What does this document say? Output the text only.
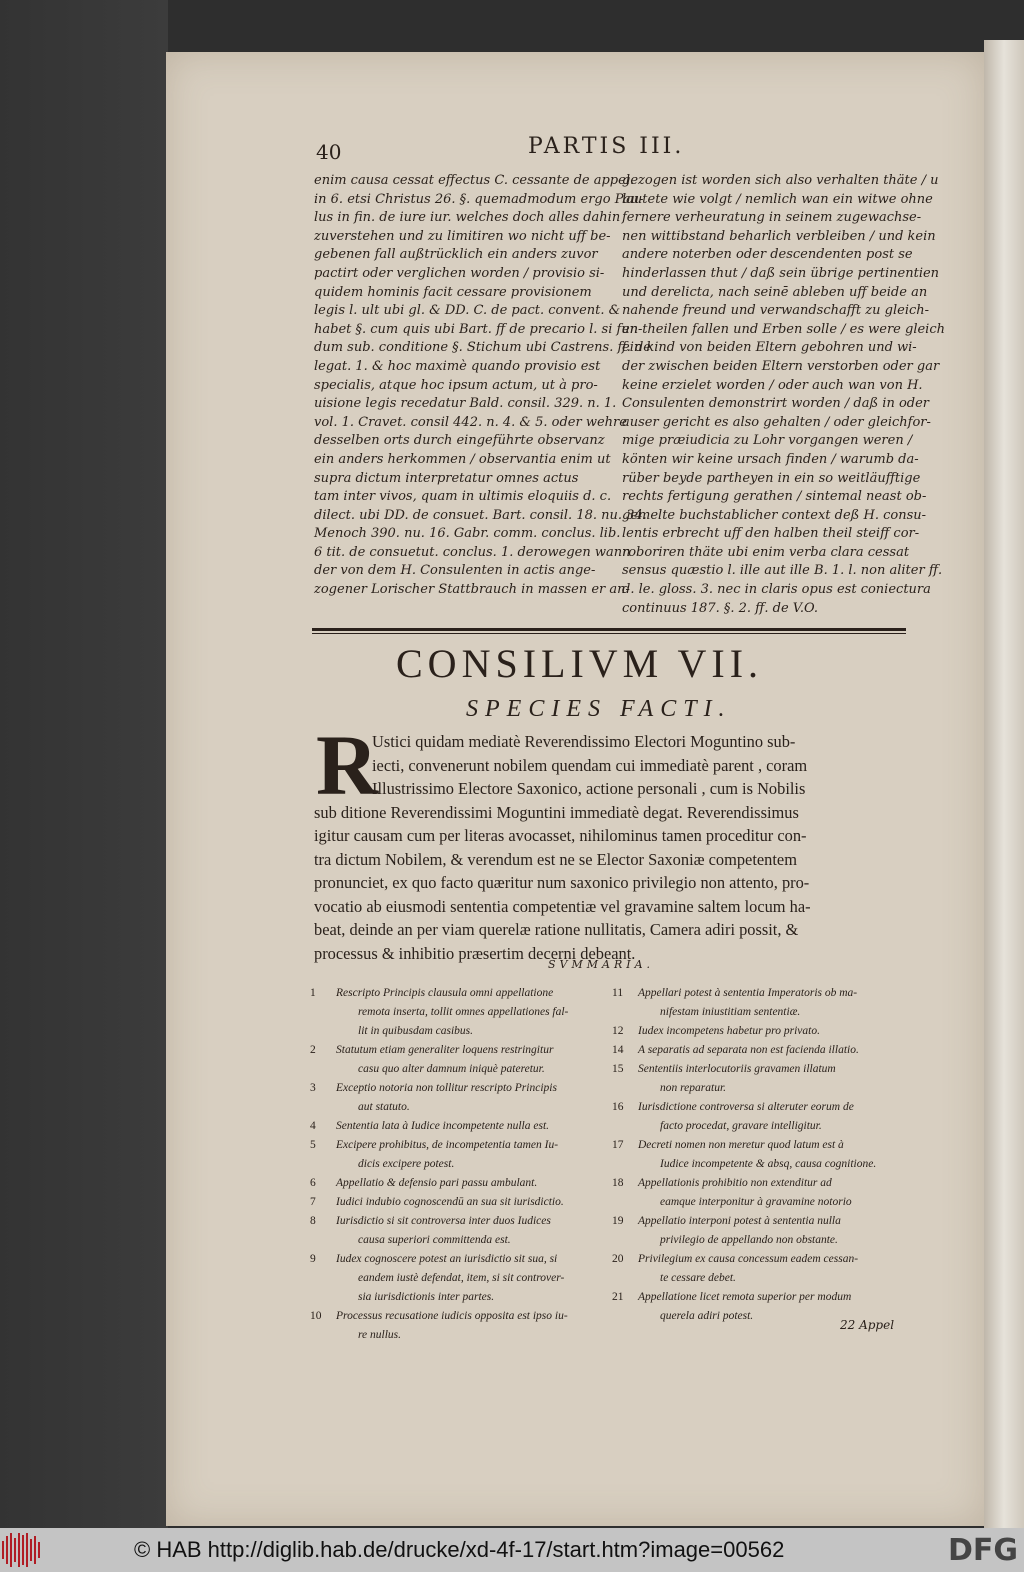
40	PARTIS III.
enim causa cessat effectus C. cessante de appel.
in 6. etsi Christus 26. §. quemadmodum ergo Pau-
lus in fin. de iure iur. welches doch alles dahin
zuverstehen und zu limitiren wo nicht uff be-
gebenen fall außtrücklich ein anders zuvor
pactirt oder verglichen worden / provisio si-
quidem hominis facit cessare provisionem
legis l. ult ubi gl. & DD. C. de pact. convent. &
habet §. cum quis ubi Bart. ff de precario l. si fun-
dum sub. conditione §. Stichum ubi Castrens. ff. de
legat. 1. & hoc maximè quando provisio est
specialis, atque hoc ipsum actum, ut à pro-
uisione legis recedatur Bald. consil. 329. n. 1.
vol. 1. Cravet. consil 442. n. 4. & 5. oder wehre
desselben orts durch eingeführte observanz
ein anders herkommen / observantia enim ut
supra dictum interpretatur omnes actus
tam inter vivos, quam in ultimis eloquiis d. c.
dilect. ubi DD. de consuet. Bart. consil. 18. nu. 34.
Menoch 390. nu. 16. Gabr. comm. conclus. lib.
6 tit. de consuetut. conclus. 1. derowegen wann
der von dem H. Consulenten in actis ange-
zogener Lorischer Stattbrauch in massen er an-
gezogen ist worden sich also verhalten thäte / u
lautete wie volgt / nemlich wan ein witwe ohne
fernere verheuratung in seinem zugewachse-
nen wittibstand beharlich verbleiben / und kein
andere noterben oder descendenten post se
hinderlassen thut / daß sein übrige pertinentien
und derelicta, nach seinē ableben uff beide an
nahende freund und verwandschafft zu gleich-
en theilen fallen und Erben solle / es were gleich
ein kind von beiden Eltern gebohren und wi-
der zwischen beiden Eltern verstorben oder gar
keine erzielet worden / oder auch wan von H.
Consulenten demonstrirt worden / daß in oder
auser gericht es also gehalten / oder gleichfor-
mige præiudicia zu Lohr vorgangen weren /
könten wir keine ursach finden / warumb da-
rüber beyde partheyen in ein so weitläufftige
rechts fertigung gerathen / sintemal neast ob-
gemelte buchstablicher context deß H. consu-
lentis erbrecht uff den halben theil steiff cor-
roboriren thäte ubi enim verba clara cessat
sensus quæstio l. ille aut ille B. 1. l. non aliter ff.
d. le. gloss. 3. nec in claris opus est coniectura
continuus 187. §. 2. ff. de V.O.
CONSILIVM VII.
SPECIES FACTI.
R
Ustici quidam mediatè Reverendissimo Electori Moguntino sub-
iecti, convenerunt nobilem quendam cui immediatè parent , coram
Illustrissimo Electore Saxonico, actione personali , cum is Nobilis
sub ditione Reverendissimi Moguntini immediatè degat. Reverendissimus
igitur causam cum per literas avocasset, nihilominus tamen proceditur con-
tra dictum Nobilem, & verendum est ne se Elector Saxoniæ competentem
pronunciet, ex quo facto quæritur num saxonico privilegio non attento, pro-
vocatio ab eiusmodi sententia competentiæ vel gravamine saltem locum ha-
beat, deinde an per viam querelæ ratione nullitatis, Camera adiri possit, &
processus & inhibitio præsertim decerni debeant.
SVMMARIA.
1	Rescripto Principis clausula omni appellatione
remota inserta, tollit omnes appellationes fal-
lit in quibusdam casibus.
2	Statutum etiam generaliter loquens restringitur
casu quo alter damnum iniquè pateretur.
3	Exceptio notoria non tollitur rescripto Principis
aut statuto.
4	Sententia lata à Iudice incompetente nulla est.
5	Excipere prohibitus, de incompetentia tamen Iu-
dicis excipere potest.
6	Appellatio & defensio pari passu ambulant.
7	Iudici indubio cognoscendū an sua sit iurisdictio.
8	Iurisdictio si sit controversa inter duos Iudices
causa superiori committenda est.
9	Iudex cognoscere potest an iurisdictio sit sua, si
eandem iustè defendat, item, si sit controver-
sia iurisdictionis inter partes.
10	Processus recusatione iudicis opposita est ipso iu-
re nullus.
11	Appellari potest à sententia Imperatoris ob ma-
nifestam iniustitiam sententiæ.
12	Iudex incompetens habetur pro privato.
14	A separatis ad separata non est facienda illatio.
15	Sententiis interlocutoriis gravamen illatum
non reparatur.
16	Iurisdictione controversa si alteruter eorum de
facto procedat, gravare intelligitur.
17	Decreti nomen non meretur quod latum est à
Iudice incompetente & absq, causa cognitione.
18	Appellationis prohibitio non extenditur ad
eamque interponitur à gravamine notorio
19	Appellatio interponi potest à sententia nulla
privilegio de appellando non obstante.
20	Privilegium ex causa concessum eadem cessan-
te cessare debet.
21	Appellatione licet remota superior per modum
querela adiri potest.
22 Appel
© HAB http://diglib.hab.de/drucke/xd-4f-17/start.htm?image=00562	DFG
